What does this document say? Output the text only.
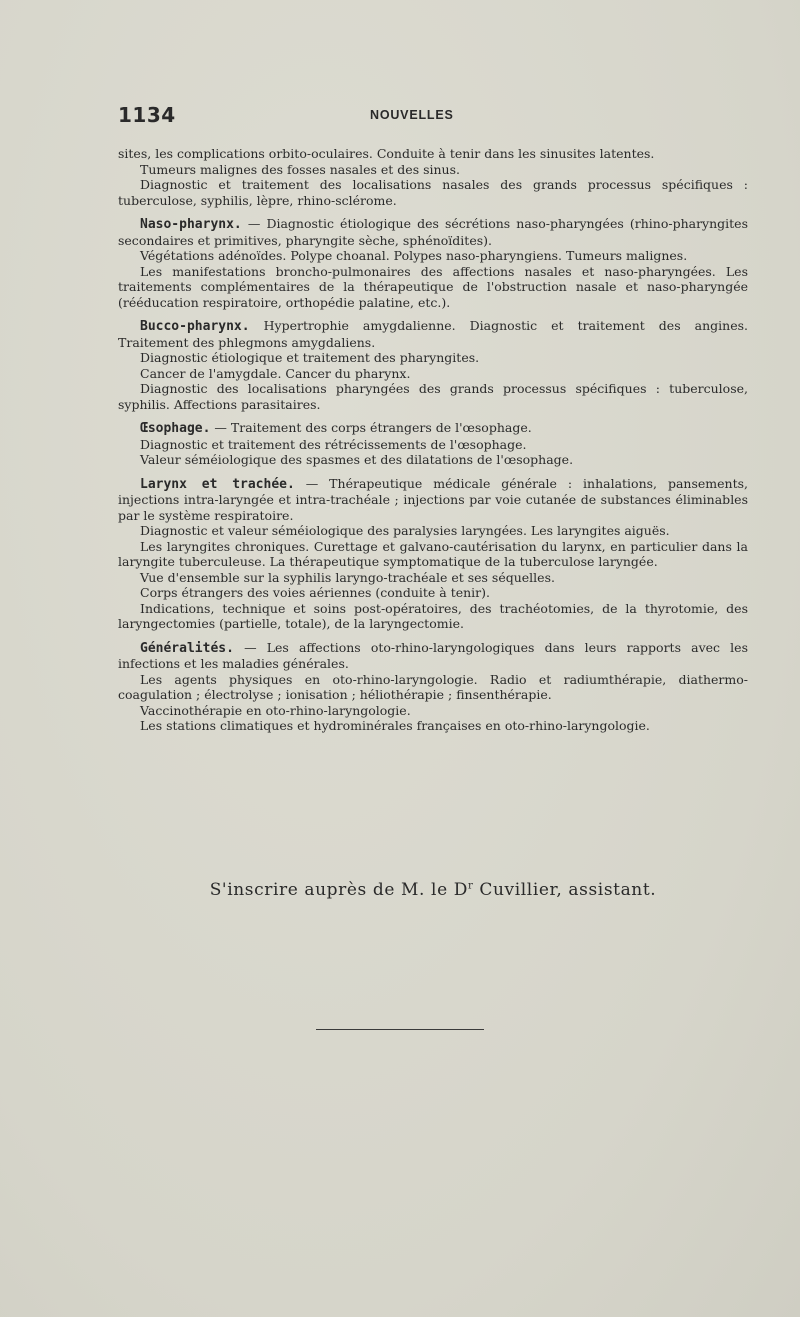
1134	NOUVELLES

sites, les complications orbito-oculaires. Conduite à tenir dans les sinusites latentes.

Tumeurs malignes des fosses nasales et des sinus.

Diagnostic et traitement des localisations nasales des grands processus spécifiques : tuberculose, syphilis, lèpre, rhino-sclérome.

Naso-pharynx. — Diagnostic étiologique des sécrétions naso-pharyngées (rhino-pharyngites secondaires et primitives, pharyngite sèche, sphénoïdites).

Végétations adénoïdes. Polype choanal. Polypes naso-pharyngiens. Tumeurs malignes.

Les manifestations broncho-pulmonaires des affections nasales et naso-pharyngées. Les traitements complémentaires de la thérapeutique de l'obstruction nasale et naso-pharyngée (rééducation respiratoire, orthopédie palatine, etc.).

Bucco-pharynx. Hypertrophie amygdalienne. Diagnostic et traitement des angines. Traitement des phlegmons amygdaliens.

Diagnostic étiologique et traitement des pharyngites.

Cancer de l'amygdale. Cancer du pharynx.

Diagnostic des localisations pharyngées des grands processus spécifiques : tuberculose, syphilis. Affections parasitaires.

Œsophage. — Traitement des corps étrangers de l'œsophage.

Diagnostic et traitement des rétrécissements de l'œsophage.

Valeur séméiologique des spasmes et des dilatations de l'œsophage.

Larynx et trachée. — Thérapeutique médicale générale : inhalations, pansements, injections intra-laryngée et intra-trachéale ; injections par voie cutanée de substances éliminables par le système respiratoire.

Diagnostic et valeur séméiologique des paralysies laryngées. Les laryngites aiguës.

Les laryngites chroniques. Curettage et galvano-cautérisation du larynx, en particulier dans la laryngite tuberculeuse. La thérapeutique symptomatique de la tuberculose laryngée.

Vue d'ensemble sur la syphilis laryngo-trachéale et ses séquelles.

Corps étrangers des voies aériennes (conduite à tenir).

Indications, technique et soins post-opératoires, des trachéotomies, de la thyrotomie, des laryngectomies (partielle, totale), de la laryngectomie.

Généralités. — Les affections oto-rhino-laryngologiques dans leurs rapports avec les infections et les maladies générales.

Les agents physiques en oto-rhino-laryngologie. Radio et radiumthérapie, diathermo-coagulation ; électrolyse ; ionisation ; héliothérapie ; finsenthérapie.

Vaccinothérapie en oto-rhino-laryngologie.

Les stations climatiques et hydrominérales françaises en oto-rhino-laryngologie.

S'inscrire auprès de M. le $D^r$ Cuvillier, assistant.
